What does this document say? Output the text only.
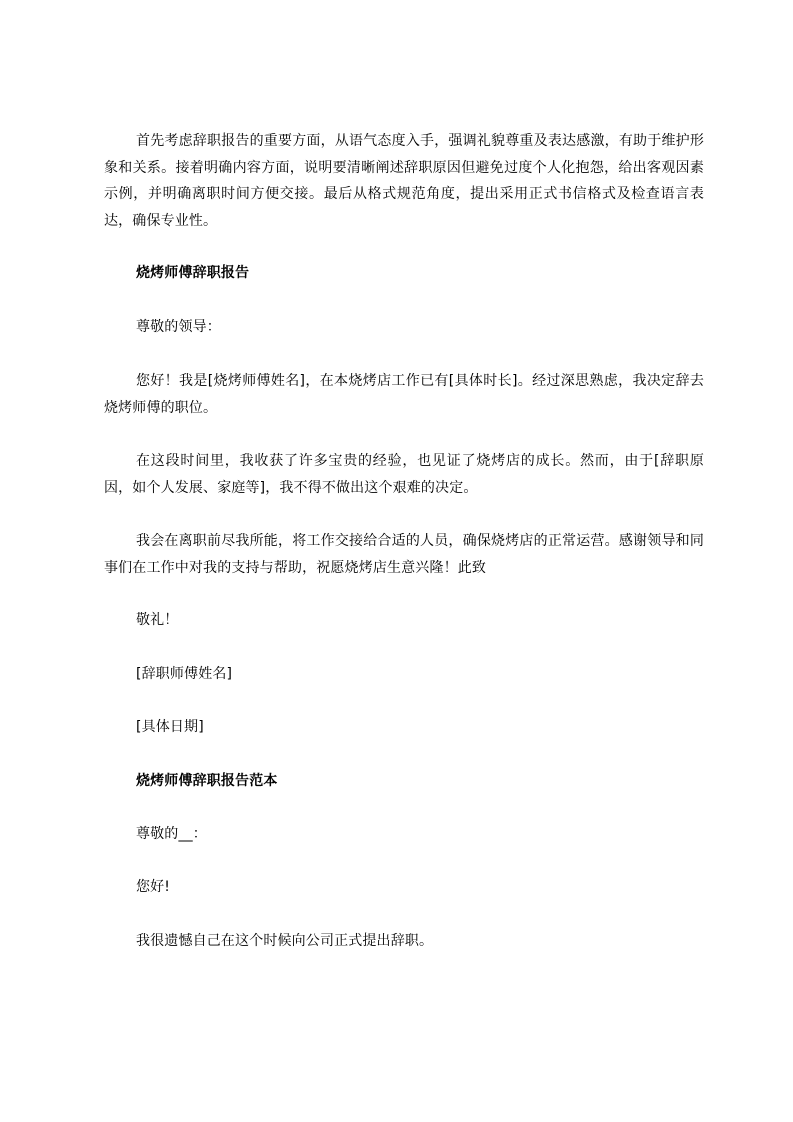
首先考虑辞职报告的重要方面，从语气态度入手，强调礼貌尊重及表达感激，有助于维护形象和关系。接着明确内容方面，说明要清晰阐述辞职原因但避免过度个人化抱怨，给出客观因素示例，并明确离职时间方便交接。最后从格式规范角度，提出采用正式书信格式及检查语言表达，确保专业性。

烧烤师傅辞职报告

尊敬的领导：

您好！我是[烧烤师傅姓名]，在本烧烤店工作已有[具体时长]。经过深思熟虑，我决定辞去烧烤师傅的职位。

在这段时间里，我收获了许多宝贵的经验，也见证了烧烤店的成长。然而，由于[辞职原因，如个人发展、家庭等]，我不得不做出这个艰难的决定。

我会在离职前尽我所能，将工作交接给合适的人员，确保烧烤店的正常运营。感谢领导和同事们在工作中对我的支持与帮助，祝愿烧烤店生意兴隆！此致

敬礼！

[辞职师傅姓名]

[具体日期]

烧烤师傅辞职报告范本

尊敬的__：

您好!

我很遗憾自己在这个时候向公司正式提出辞职。
